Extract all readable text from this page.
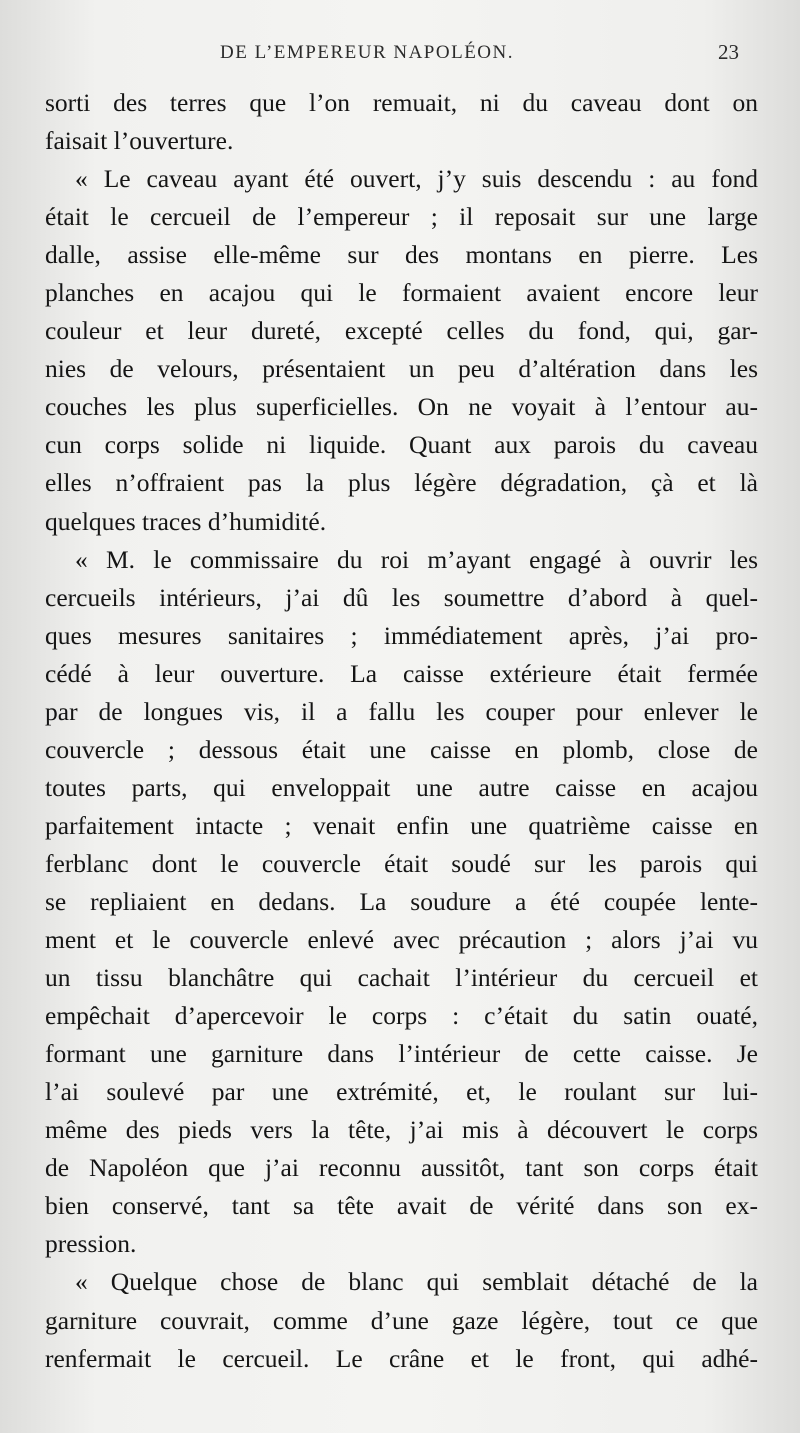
DE L’EMPEREUR NAPOLÉON.	23
sorti des terres que l’on remuait, ni du caveau dont on
faisait l’ouverture.
« Le caveau ayant été ouvert, j’y suis descendu : au fond
était le cercueil de l’empereur ; il reposait sur une large
dalle, assise elle-même sur des montans en pierre. Les
planches en acajou qui le formaient avaient encore leur
couleur et leur dureté, excepté celles du fond, qui, gar-
nies de velours, présentaient un peu d’altération dans les
couches les plus superficielles. On ne voyait à l’entour au-
cun corps solide ni liquide. Quant aux parois du caveau
elles n’offraient pas la plus légère dégradation, çà et là
quelques traces d’humidité.
« M. le commissaire du roi m’ayant engagé à ouvrir les
cercueils intérieurs, j’ai dû les soumettre d’abord à quel-
ques mesures sanitaires ; immédiatement après, j’ai pro-
cédé à leur ouverture. La caisse extérieure était fermée
par de longues vis, il a fallu les couper pour enlever le
couvercle ; dessous était une caisse en plomb, close de
toutes parts, qui enveloppait une autre caisse en acajou
parfaitement intacte ; venait enfin une quatrième caisse en
ferblanc dont le couvercle était soudé sur les parois qui
se repliaient en dedans. La soudure a été coupée lente-
ment et le couvercle enlevé avec précaution ; alors j’ai vu
un tissu blanchâtre qui cachait l’intérieur du cercueil et
empêchait d’apercevoir le corps : c’était du satin ouaté,
formant une garniture dans l’intérieur de cette caisse. Je
l’ai soulevé par une extrémité, et, le roulant sur lui-
même des pieds vers la tête, j’ai mis à découvert le corps
de Napoléon que j’ai reconnu aussitôt, tant son corps était
bien conservé, tant sa tête avait de vérité dans son ex-
pression.
« Quelque chose de blanc qui semblait détaché de la
garniture couvrait, comme d’une gaze légère, tout ce que
renfermait le cercueil. Le crâne et le front, qui adhé-
